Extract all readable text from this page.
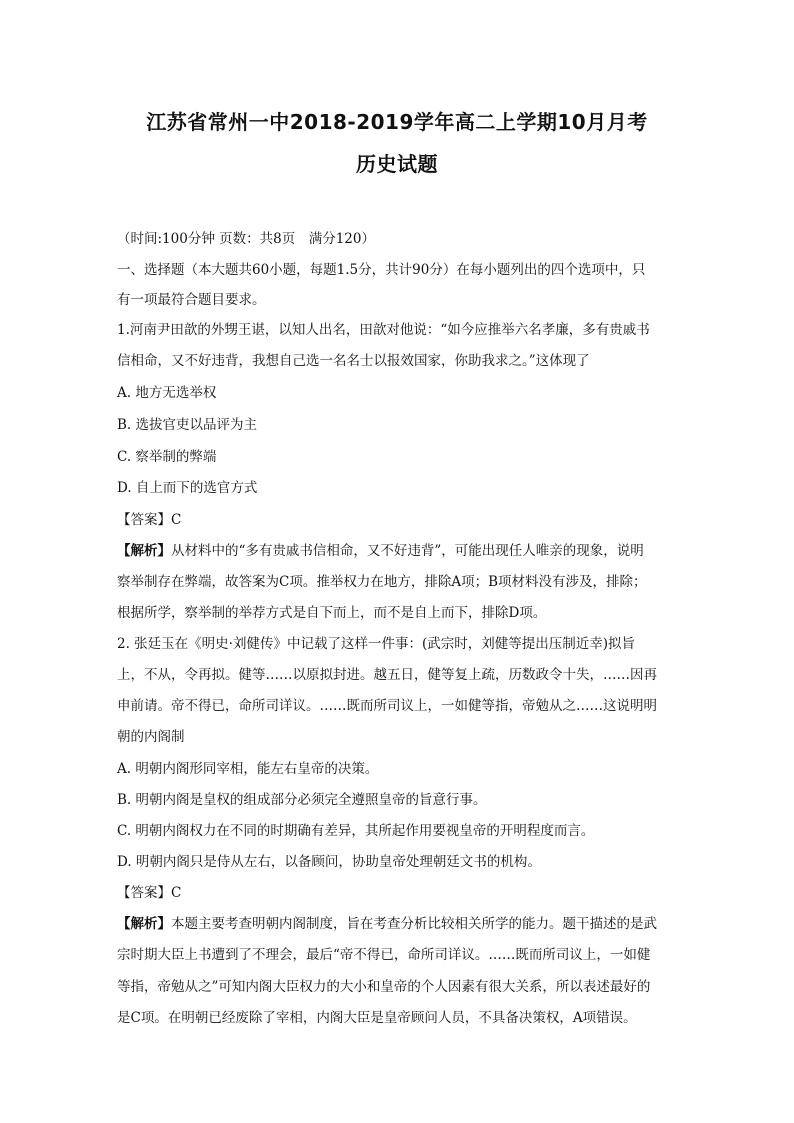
江苏省常州一中2018-2019学年高二上学期10月月考
历史试题
（时间:100分钟 页数：共8页　满分120）
一、选择题（本大题共60小题，每题1.5分，共计90分）在每小题列出的四个选项中，只
有一项最符合题目要求。
1.河南尹田歆的外甥王谌，以知人出名，田歆对他说：“如今应推举六名孝廉，多有贵戚书
信相命，又不好违背，我想自己选一名名士以报效国家，你助我求之。”这体现了
A. 地方无选举权
B. 选拔官吏以品评为主
C. 察举制的弊端
D. 自上而下的选官方式
【答案】C
【解析】从材料中的“多有贵戚书信相命，又不好违背”，可能出现任人唯亲的现象，说明
察举制存在弊端，故答案为C项。推举权力在地方，排除A项；B项材料没有涉及，排除；
根据所学，察举制的举荐方式是自下而上，而不是自上而下，排除D项。
2. 张廷玉在《明史·刘健传》中记载了这样一件事：(武宗时，刘健等提出压制近幸)拟旨
上，不从，令再拟。健等……以原拟封进。越五日，健等复上疏，历数政令十失，……因再
申前请。帝不得已，命所司详议。……既而所司议上，一如健等指，帝勉从之……这说明明
朝的内阁制
A. 明朝内阁形同宰相，能左右皇帝的决策。
B. 明朝内阁是皇权的组成部分必须完全遵照皇帝的旨意行事。
C. 明朝内阁权力在不同的时期确有差异，其所起作用要视皇帝的开明程度而言。
D. 明朝内阁只是侍从左右，以备顾问，协助皇帝处理朝廷文书的机构。
【答案】C
【解析】本题主要考查明朝内阁制度，旨在考查分析比较相关所学的能力。题干描述的是武
宗时期大臣上书遭到了不理会，最后“帝不得已，命所司详议。……既而所司议上，一如健
等指，帝勉从之”可知内阁大臣权力的大小和皇帝的个人因素有很大关系，所以表述最好的
是C项。在明朝已经废除了宰相，内阁大臣是皇帝顾问人员，不具备决策权，A项错误。
